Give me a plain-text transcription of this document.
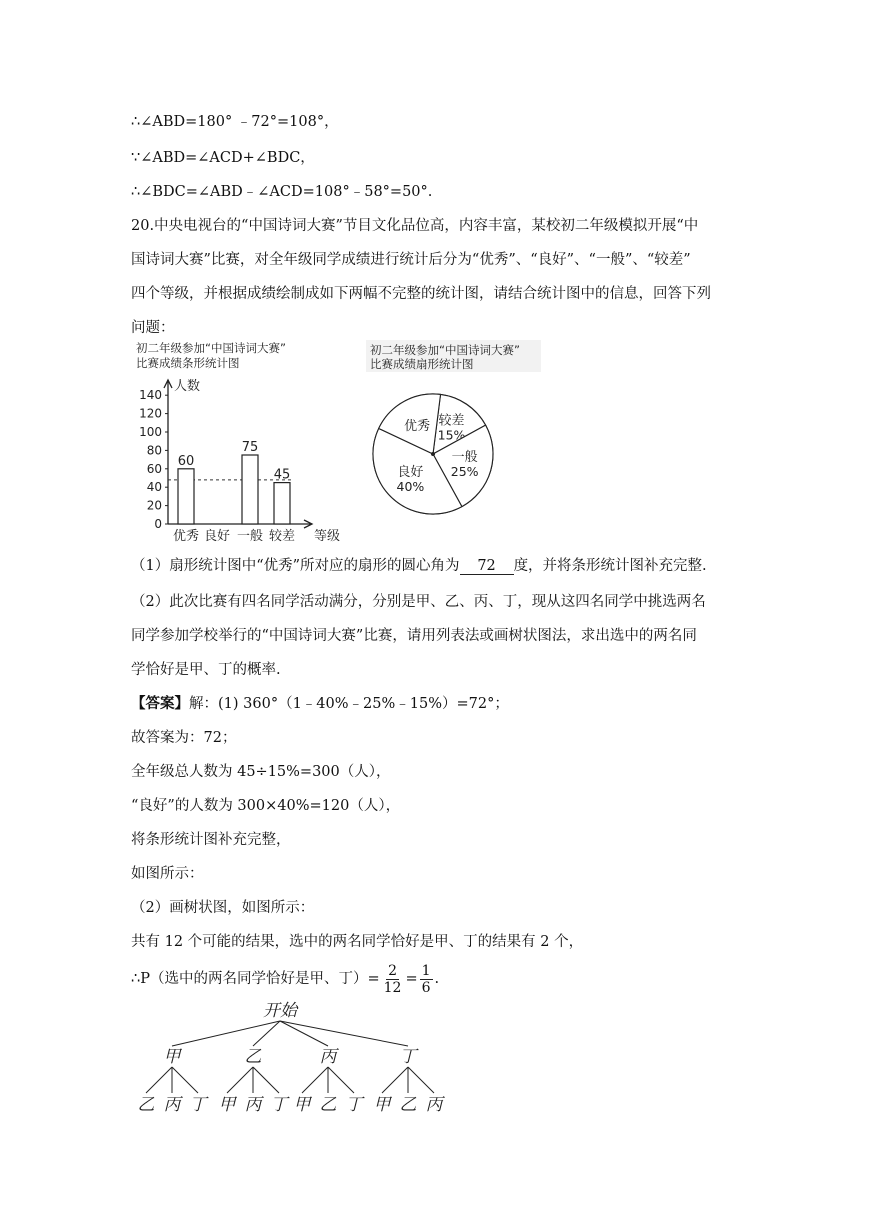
∴∠ABD=180° ﹣72°=108°，
∵∠ABD=∠ACD+∠BDC，
∴∠BDC=∠ABD﹣∠ACD=108°﹣58°=50°.
20.中央电视台的“中国诗词大赛”节目文化品位高，内容丰富，某校初二年级模拟开展“中
国诗词大赛”比赛，对全年级同学成绩进行统计后分为“优秀”、“良好”、“一般”、“较差”
四个等级，并根据成绩绘制成如下两幅不完整的统计图，请结合统计图中的信息，回答下列
问题：
初二年级参加“中国诗词大赛”
比赛成绩条形统计图
人数
等级
0
20
40
60
80
100
120
140
60
优秀 良好
75
一般
45
较差
初二年级参加“中国诗词大赛”
比赛成绩扇形统计图
较差
15%
一般
25%
良好
40%
优秀
（1）扇形统计图中“优秀”所对应的扇形的圆心角为 72 度，并将条形统计图补充完整.
（2）此次比赛有四名同学活动满分，分别是甲、乙、丙、丁，现从这四名同学中挑选两名
同学参加学校举行的“中国诗词大赛”比赛，请用列表法或画树状图法，求出选中的两名同
学恰好是甲、丁的概率.
【答案】解：(1) 360°（1﹣40%﹣25%﹣15%）=72°；
故答案为：72；
全年级总人数为 45÷15%=300（人），
“良好”的人数为 300×40%=120（人），
将条形统计图补充完整，
如图所示：
（2）画树状图，如图所示：
共有 12 个可能的结果，选中的两名同学恰好是甲、丁的结果有 2 个，
∴P（选中的两名同学恰好是甲、丁）= $\frac{2}{12} = \frac{1}{6}$ .
开始
甲
乙 丙 丁
乙
甲 丙 丁
丙
甲 乙 丁
丁
甲 乙 丙
